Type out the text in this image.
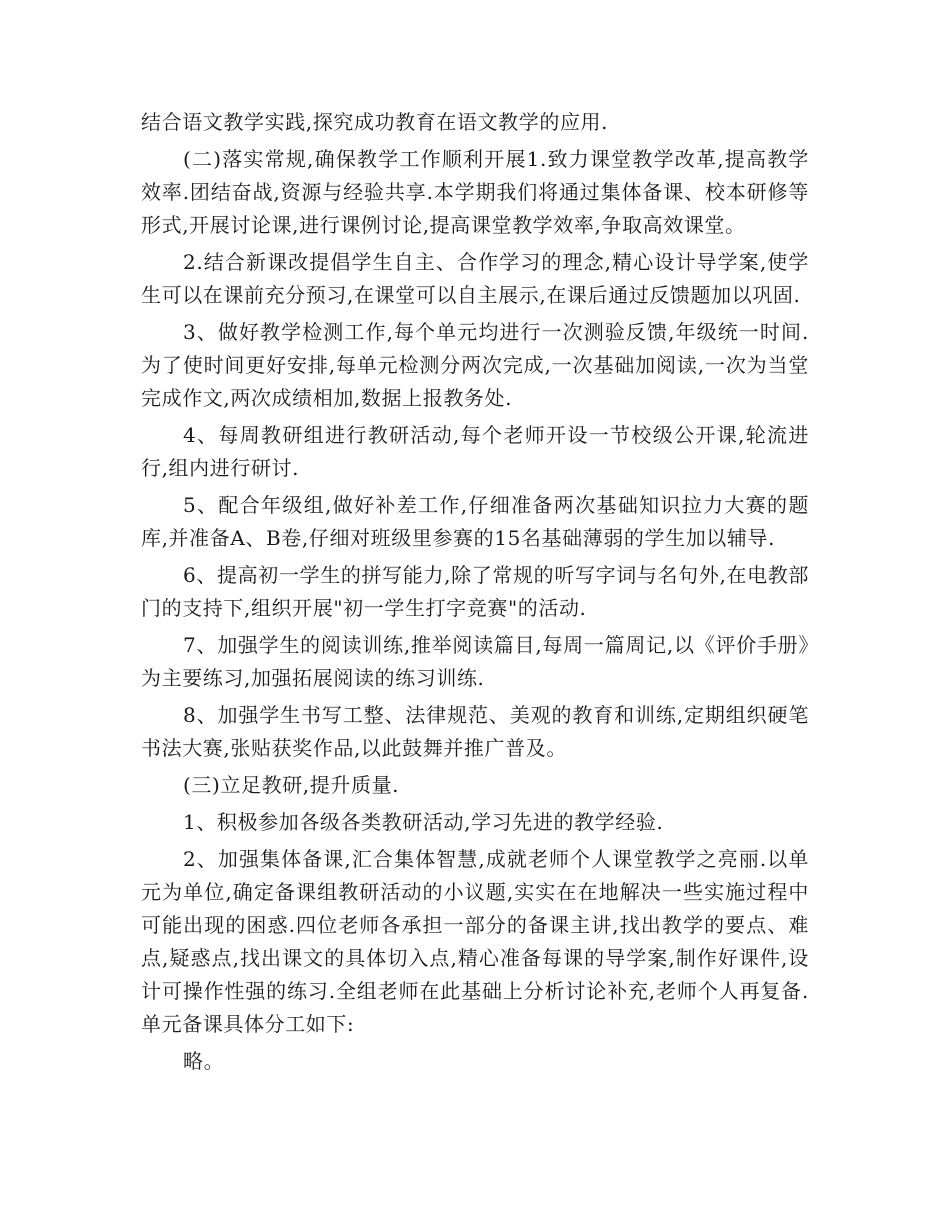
结合语文教学实践,探究成功教育在语文教学的应用.

(二)落实常规,确保教学工作顺利开展1.致力课堂教学改革,提高教学效率.团结奋战,资源与经验共享.本学期我们将通过集体备课、校本研修等形式,开展讨论课,进行课例讨论,提高课堂教学效率,争取高效课堂。

2.结合新课改提倡学生自主、合作学习的理念,精心设计导学案,使学生可以在课前充分预习,在课堂可以自主展示,在课后通过反馈题加以巩固.

3、做好教学检测工作,每个单元均进行一次测验反馈,年级统一时间.为了使时间更好安排,每单元检测分两次完成,一次基础加阅读,一次为当堂完成作文,两次成绩相加,数据上报教务处.

4、每周教研组进行教研活动,每个老师开设一节校级公开课,轮流进行,组内进行研讨.

5、配合年级组,做好补差工作,仔细准备两次基础知识拉力大赛的题库,并准备A、B卷,仔细对班级里参赛的15名基础薄弱的学生加以辅导.

6、提高初一学生的拼写能力,除了常规的听写字词与名句外,在电教部门的支持下,组织开展"初一学生打字竞赛"的活动.

7、加强学生的阅读训练,推举阅读篇目,每周一篇周记,以《评价手册》为主要练习,加强拓展阅读的练习训练.

8、加强学生书写工整、法律规范、美观的教育和训练,定期组织硬笔书法大赛,张贴获奖作品,以此鼓舞并推广普及。

(三)立足教研,提升质量.

1、积极参加各级各类教研活动,学习先进的教学经验.

2、加强集体备课,汇合集体智慧,成就老师个人课堂教学之亮丽.以单元为单位,确定备课组教研活动的小议题,实实在在地解决一些实施过程中可能出现的困惑.四位老师各承担一部分的备课主讲,找出教学的要点、难点,疑惑点,找出课文的具体切入点,精心准备每课的导学案,制作好课件,设计可操作性强的练习.全组老师在此基础上分析讨论补充,老师个人再复备.单元备课具体分工如下:

略。
